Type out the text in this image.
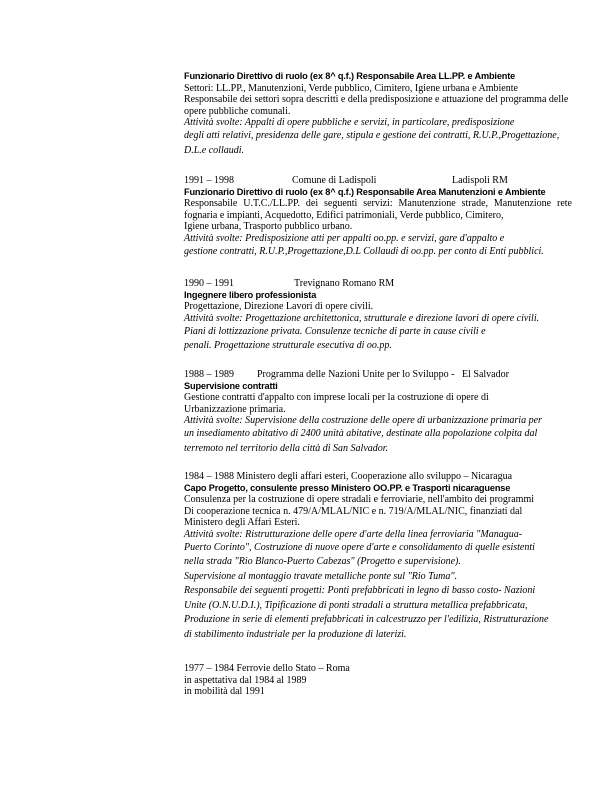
Funzionario Direttivo di ruolo (ex 8^ q.f.) Responsabile Area LL.PP. e Ambiente
Settori: LL.PP., Manutenzioni, Verde pubblico, Cimitero, Igiene urbana e Ambiente
Responsabile dei settori sopra descritti e della predisposizione e attuazione del programma delle
opere pubbliche comunali.
Attività svolte: Appalti di opere pubbliche e servizi, in particolare, predisposizione
degli atti relativi, presidenza delle gare, stipula e gestione dei contratti, R.U.P.,Progettazione,
D.L.e collaudi.
1991 – 1998	Comune di Ladispoli	Ladispoli RM
Funzionario Direttivo di ruolo (ex 8^ q.f.) Responsabile Area Manutenzioni e Ambiente
Responsabile U.T.C./LL.PP. dei seguenti servizi: Manutenzione strade, Manutenzione rete
fognaria e impianti, Acquedotto, Edifici patrimoniali, Verde pubblico, Cimitero,
Igiene urbana, Trasporto pubblico urbano.
Attività svolte: Predisposizione atti per appalti oo.pp. e servizi, gare d'appalto e
gestione contratti, R.U.P.,Progettazione,D.L Collaudi di oo.pp. per conto di Enti pubblici.
1990 – 1991	Trevignano Romano RM
Ingegnere libero professionista
Progettazione, Direzione Lavori di opere civili.
Attività svolte: Progettazione architettonica, strutturale e direzione lavori di opere civili.
Piani di lottizzazione privata. Consulenze tecniche di parte in cause civili e
penali. Progettazione strutturale esecutiva di oo.pp.
1988 – 1989 Programma delle Nazioni Unite per lo Sviluppo - El Salvador
Supervisione contratti
Gestione contratti d'appalto con imprese locali per la costruzione di opere di
Urbanizzazione primaria.
Attività svolte: Supervisione della costruzione delle opere di urbanizzazione primaria per
un insediamento abitativo di 2400 unità abitative, destinate alla popolazione colpita dal
terremoto nel territorio della città di San Salvador.
1984 – 1988 Ministero degli affari esteri, Cooperazione allo sviluppo – Nicaragua
Capo Progetto, consulente presso Ministero OO.PP. e Trasporti nicaraguense
Consulenza per la costruzione di opere stradali e ferroviarie, nell'ambito dei programmi
Di cooperazione tecnica n. 479/A/MLAL/NIC e n. 719/A/MLAL/NIC, finanziati dal
Ministero degli Affari Esteri.
Attività svolte: Ristrutturazione delle opere d'arte della linea ferroviaria "Managua-
Puerto Corinto", Costruzione di nuove opere d'arte e consolidamento di quelle esistenti
nella strada "Rio Blanco-Puerto Cabezas" (Progetto e supervisione).
Supervisione al montaggio travate metalliche ponte sul "Rio Tuma".
Responsabile dei seguenti progetti: Ponti prefabbricati in legno di basso costo- Nazioni
Unite (O.N.U.D.I.), Tipificazione di ponti stradali a struttura metallica prefabbricata,
Produzione in serie di elementi prefabbricati in calcestruzzo per l'edilizia, Ristrutturazione
di stabilimento industriale per la produzione di laterizi.
1977 – 1984 Ferrovie dello Stato – Roma
in aspettativa dal 1984 al 1989
in mobilità dal 1991
